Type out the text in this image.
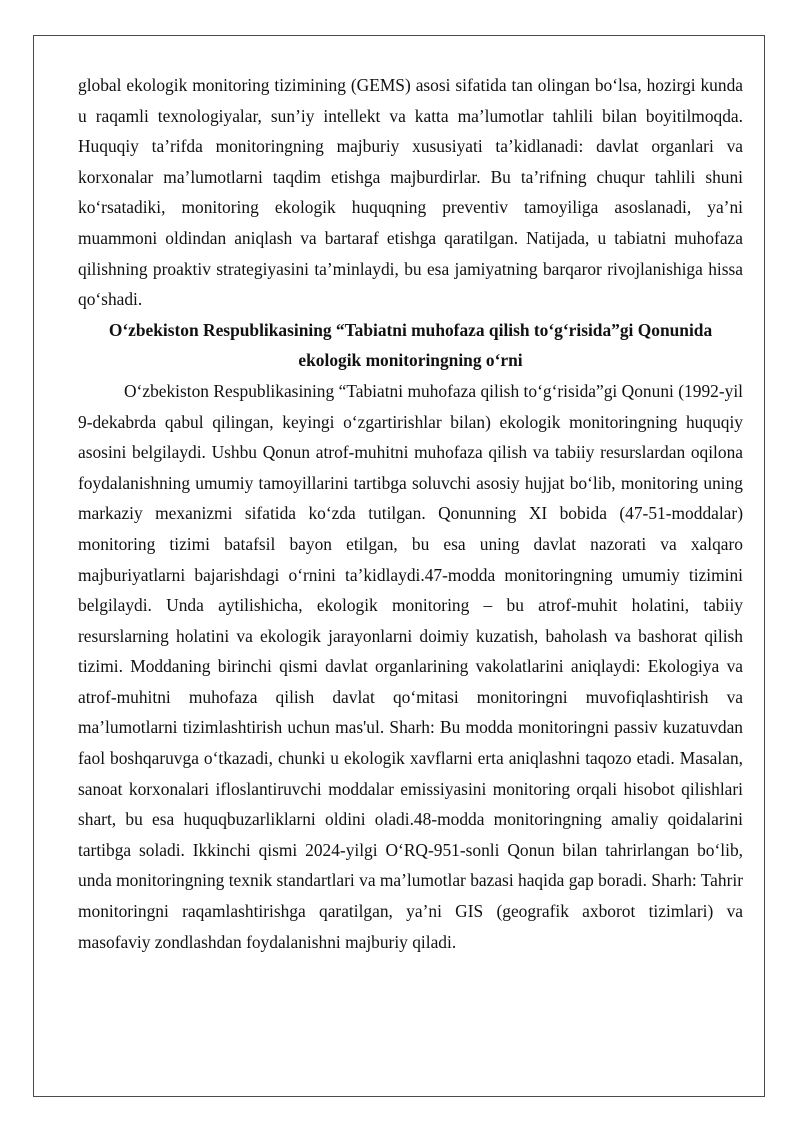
global ekologik monitoring tizimining (GEMS) asosi sifatida tan olingan bo‘lsa, hozirgi kunda u raqamli texnologiyalar, sun’iy intellekt va katta ma’lumotlar tahlili bilan boyitilmoqda. Huquqiy ta’rifda monitoringning majburiy xususiyati ta’kidlanadi: davlat organlari va korxonalar ma’lumotlarni taqdim etishga majburdirlar. Bu ta’rifning chuqur tahlili shuni ko‘rsatadiki, monitoring ekologik huquqning preventiv tamoyiliga asoslanadi, ya’ni muammoni oldindan aniqlash va bartaraf etishga qaratilgan. Natijada, u tabiatni muhofaza qilishning proaktiv strategiyasini ta’minlaydi, bu esa jamiyatning barqaror rivojlanishiga hissa qo‘shadi.

O‘zbekiston Respublikasining “Tabiatni muhofaza qilish to‘g‘risida”gi Qonunida ekologik monitoringning o‘rni

O‘zbekiston Respublikasining “Tabiatni muhofaza qilish to‘g‘risida”gi Qonuni (1992-yil 9-dekabrda qabul qilingan, keyingi o‘zgartirishlar bilan) ekologik monitoringning huquqiy asosini belgilaydi. Ushbu Qonun atrof-muhitni muhofaza qilish va tabiiy resurslardan oqilona foydalanishning umumiy tamoyillarini tartibga soluvchi asosiy hujjat bo‘lib, monitoring uning markaziy mexanizmi sifatida ko‘zda tutilgan. Qonunning XI bobida (47-51-moddalar) monitoring tizimi batafsil bayon etilgan, bu esa uning davlat nazorati va xalqaro majburiyatlarni bajarishdagi o‘rnini ta’kidlaydi.47-modda monitoringning umumiy tizimini belgilaydi. Unda aytilishicha, ekologik monitoring – bu atrof-muhit holatini, tabiiy resurslarning holatini va ekologik jarayonlarni doimiy kuzatish, baholash va bashorat qilish tizimi. Moddaning birinchi qismi davlat organlarining vakolatlarini aniqlaydi: Ekologiya va atrof-muhitni muhofaza qilish davlat qo‘mitasi monitoringni muvofiqlashtirish va ma’lumotlarni tizimlashtirish uchun mas'ul. Sharh: Bu modda monitoringni passiv kuzatuvdan faol boshqaruvga o‘tkazadi, chunki u ekologik xavflarni erta aniqlashni taqozo etadi. Masalan, sanoat korxonalari ifloslantiruvchi moddalar emissiyasini monitoring orqali hisobot qilishlari shart, bu esa huquqbuzarliklarni oldini oladi.48-modda monitoringning amaliy qoidalarini tartibga soladi. Ikkinchi qismi 2024-yilgi O‘RQ-951-sonli Qonun bilan tahrirlangan bo‘lib, unda monitoringning texnik standartlari va ma’lumotlar bazasi haqida gap boradi. Sharh: Tahrir monitoringni raqamlashtirishga qaratilgan, ya’ni GIS (geografik axborot tizimlari) va masofaviy zondlashdan foydalanishni majburiy qiladi.
